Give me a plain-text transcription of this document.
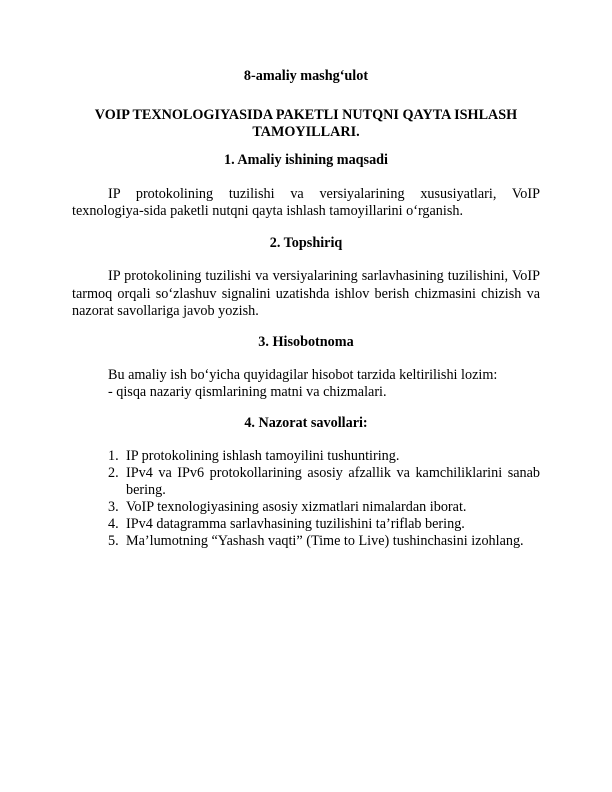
8-amaliy mashg‘ulot

VOIP TEXNOLOGIYASIDA PAKETLI NUTQNI QAYTA ISHLASH
TAMOYILLARI.

1. Amaliy ishining maqsadi

IP protokolining tuzilishi va versiyalarining xususiyatlari, VoIP texnologiya-sida paketli nutqni qayta ishlash tamoyillarini o‘rganish.

2. Topshiriq

IP protokolining tuzilishi va versiyalarining sarlavhasining tuzilishini, VoIP tarmoq orqali so‘zlashuv signalini uzatishda ishlov berish chizmasini chizish va nazorat savollariga javob yozish.

3. Hisobotnoma

Bu amaliy ish bo‘yicha quyidagilar hisobot tarzida keltirilishi lozim:
- qisqa nazariy qismlarining matni va chizmalari.

4. Nazorat savollari:

1. IP protokolining ishlash tamoyilini tushuntiring.
2. IPv4 va IPv6 protokollarining asosiy afzallik va kamchiliklarini sanab bering.
3. VoIP texnologiyasining asosiy xizmatlari nimalardan iborat.
4. IPv4 datagramma sarlavhasining tuzilishini ta’riflab bering.
5. Ma’lumotning “Yashash vaqti” (Time to Live) tushinchasini izohlang.
